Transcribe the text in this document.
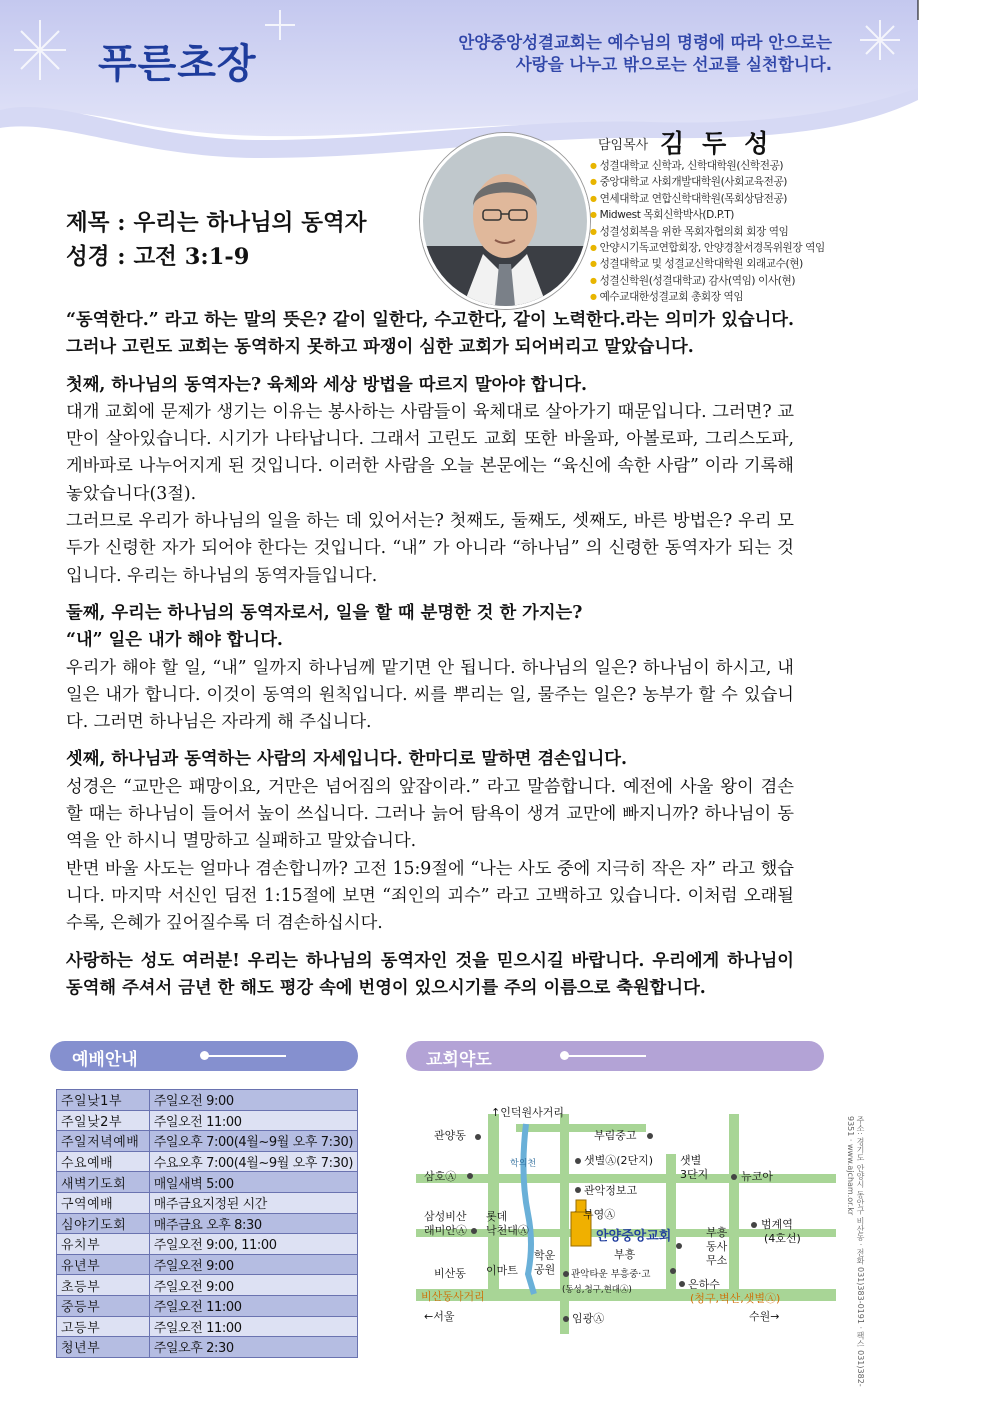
푸른초장	안양중앙성결교회는 예수님의 명령에 따라 안으로는
사랑을 나누고 밖으로는 선교를 실천합니다.
담임목사 김두성
● 성결대학교 신학과, 신학대학원(신학전공)
● 중앙대학교 사회개발대학원(사회교육전공)
● 연세대학교 연합신학대학원(목회상담전공)
● Midwest 목회신학박사(D.P.T)
● 성결성회복을 위한 목회자협의회 회장 역임
● 안양시기독교연합회장, 안양경찰서경목위원장 역임
● 성결대학교 및 성결교신학대학원 외래교수(현)
● 성결신학원(성결대학교) 감사(역임) 이사(현)
● 예수교대한성결교회 총회장 역임
제목 : 우리는 하나님의 동역자
성경 : 고전 3:1-9

“동역한다.” 라고 하는 말의 뜻은? 같이 일한다, 수고한다, 같이 노력한다.라는 의미가 있습니다. 그러나 고린도 교회는 동역하지 못하고 파쟁이 심한 교회가 되어버리고 말았습니다.

첫째, 하나님의 동역자는? 육체와 세상 방법을 따르지 말아야 합니다.

대개 교회에 문제가 생기는 이유는 봉사하는 사람들이 육체대로 살아가기 때문입니다. 그러면? 교만이 살아있습니다. 시기가 나타납니다. 그래서 고린도 교회 또한 바울파, 아볼로파, 그리스도파, 게바파로 나누어지게 된 것입니다. 이러한 사람을 오늘 본문에는 “육신에 속한 사람” 이라 기록해 놓았습니다(3절).

그러므로 우리가 하나님의 일을 하는 데 있어서는? 첫째도, 둘째도, 셋째도, 바른 방법은? 우리 모두가 신령한 자가 되어야 한다는 것입니다. “내” 가 아니라 “하나님” 의 신령한 동역자가 되는 것입니다. 우리는 하나님의 동역자들입니다.

둘째, 우리는 하나님의 동역자로서, 일을 할 때 분명한 것 한 가지는?

“내” 일은 내가 해야 합니다.

우리가 해야 할 일, “내” 일까지 하나님께 맡기면 안 됩니다. 하나님의 일은? 하나님이 하시고, 내 일은 내가 합니다. 이것이 동역의 원칙입니다. 씨를 뿌리는 일, 물주는 일은? 농부가 할 수 있습니다. 그러면 하나님은 자라게 해 주십니다.

셋째, 하나님과 동역하는 사람의 자세입니다. 한마디로 말하면 겸손입니다.

성경은 “교만은 패망이요, 거만은 넘어짐의 앞잡이라.” 라고 말씀합니다. 예전에 사울 왕이 겸손할 때는 하나님이 들어서 높이 쓰십니다. 그러나 늙어 탐욕이 생겨 교만에 빠지니까? 하나님이 동역을 안 하시니 멸망하고 실패하고 말았습니다.

반면 바울 사도는 얼마나 겸손합니까? 고전 15:9절에 “나는 사도 중에 지극히 작은 자” 라고 했습니다. 마지막 서신인 딤전 1:15절에 보면 “죄인의 괴수” 라고 고백하고 있습니다. 이처럼 오래될수록, 은혜가 깊어질수록 더 겸손하십시다.

사랑하는 성도 여러분! 우리는 하나님의 동역자인 것을 믿으시길 바랍니다. 우리에게 하나님이 동역해 주셔서 금년 한 해도 평강 속에 번영이 있으시기를 주의 이름으로 축원합니다.

예배안내
주일낮1부	주일오전 9:00
주일낮2부	주일오전 11:00
주일저녁예배	주일오후 7:00(4월~9월 오후 7:30)
수요예배	수요오후 7:00(4월~9월 오후 7:30)
새벽기도회	매일새벽 5:00
구역예배	매주금요지정된 시간
심야기도회	매주금요 오후 8:30
유치부	주일오전 9:00, 11:00
유년부	주일오전 9:00
초등부	주일오전 9:00
중등부	주일오전 11:00
고등부	주일오전 11:00
청년부	주일오후 2:30
교회약도
↑인덕원사거리
관양동	부림중고
샛별Ⓐ(2단지) 샛별
3단지	뉴코아
삼호Ⓐ
학의천
관악정보고
부영Ⓐ
삼성비산
래미안Ⓐ
롯데
낙천대Ⓐ
학운
공원
안양중앙교회
부흥
부흥
동사
무소
범계역
(4호선)
비산동 이마트	관악타운 부흥중·고
(동성,청구,현대Ⓐ)	은하수
비산동사거리	(청구,벽산,샛별Ⓐ)
←서울	임광Ⓐ	수원→	주소: 경기도 안양시 동안구 비산동 · 전화 031)383-0191 · 팩스 031)382-9351 · www.ajcham.or.kr
